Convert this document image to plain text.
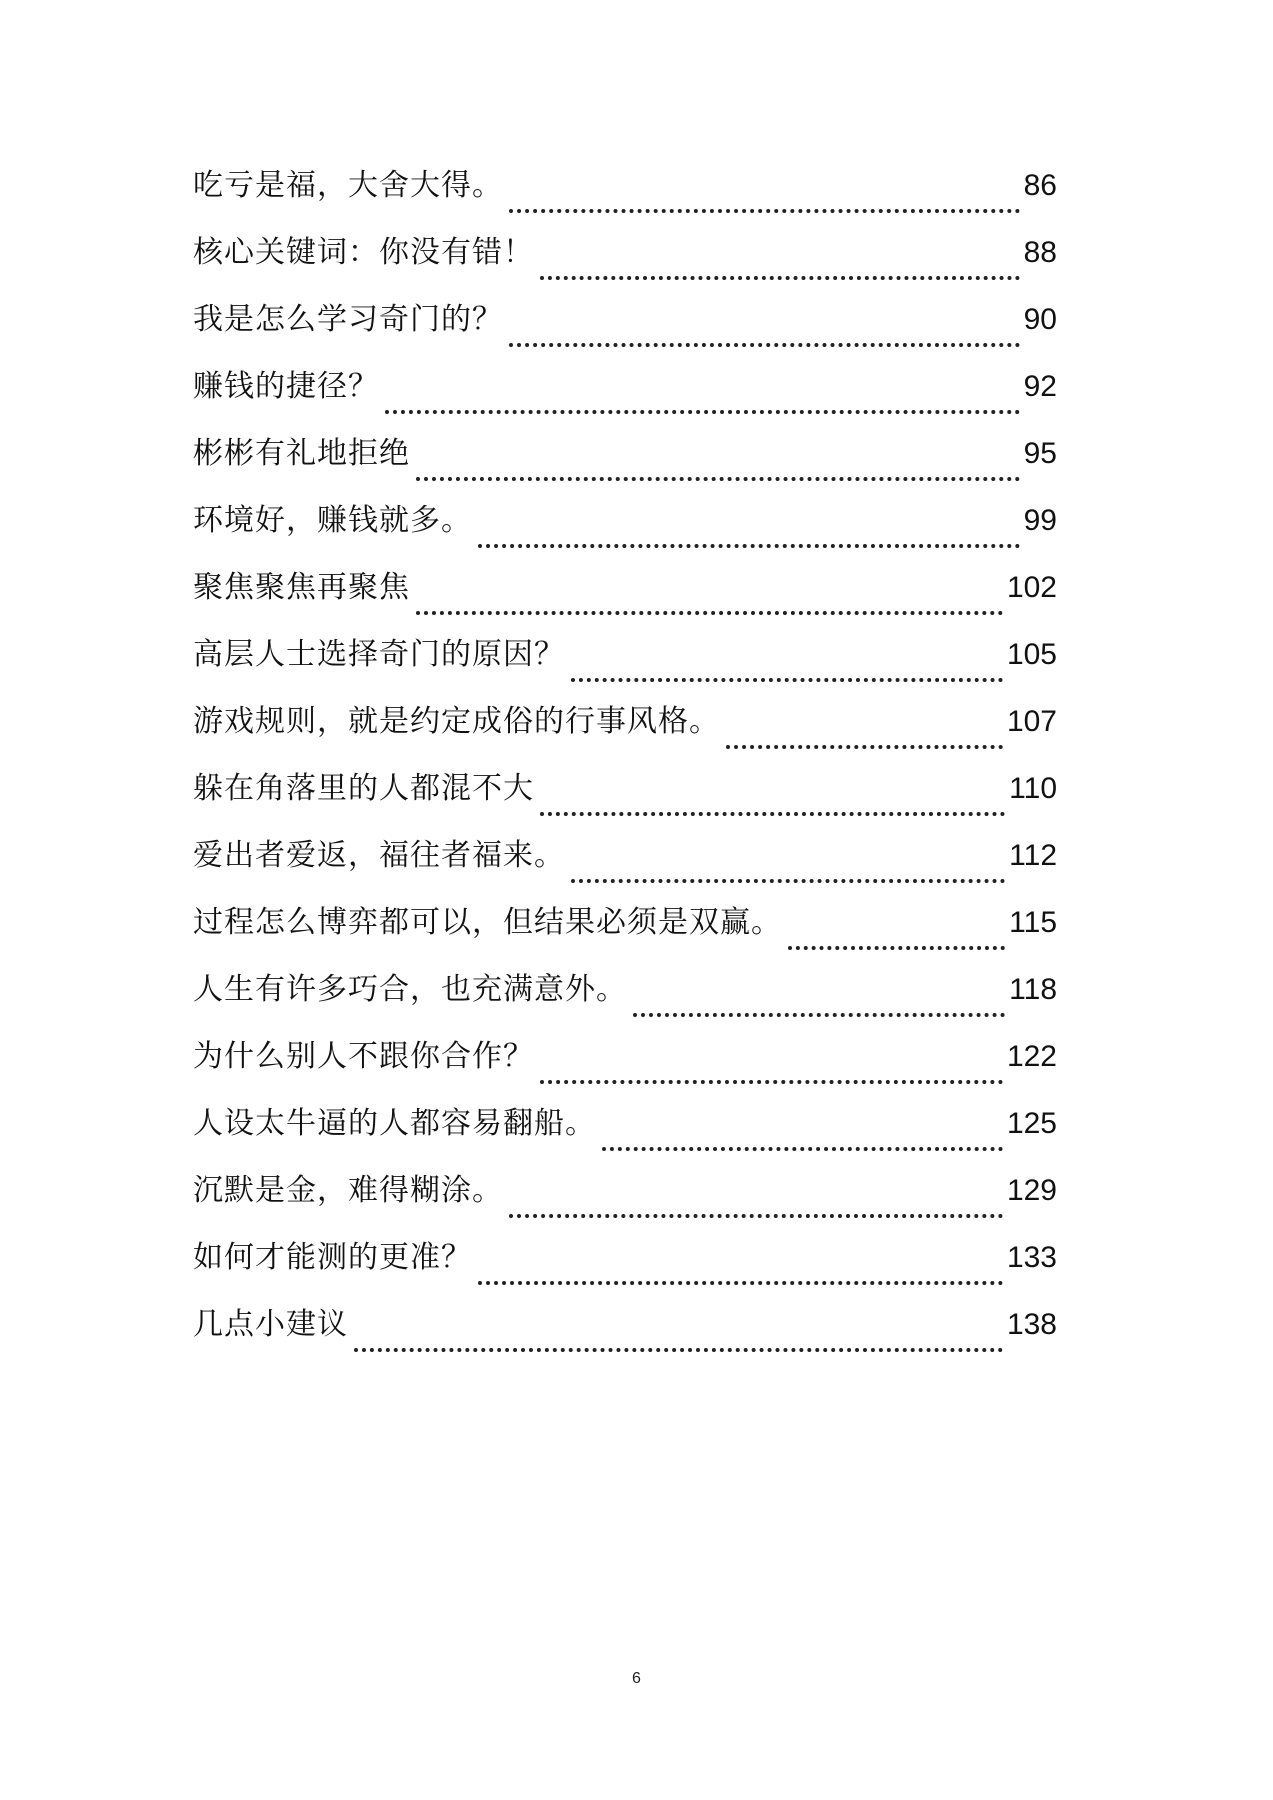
吃亏是福，大舍大得。	86
核心关键词：你没有错！	88
我是怎么学习奇门的？	90
赚钱的捷径？	92
彬彬有礼地拒绝	95
环境好，赚钱就多。	99
聚焦聚焦再聚焦	102
高层人士选择奇门的原因？	105
游戏规则，就是约定成俗的行事风格。	107
躲在角落里的人都混不大	110
爱出者爱返，福往者福来。	112
过程怎么博弈都可以，但结果必须是双赢。	115
人生有许多巧合，也充满意外。	118
为什么别人不跟你合作？	122
人设太牛逼的人都容易翻船。	125
沉默是金，难得糊涂。	129
如何才能测的更准？	133
几点小建议	138
6
